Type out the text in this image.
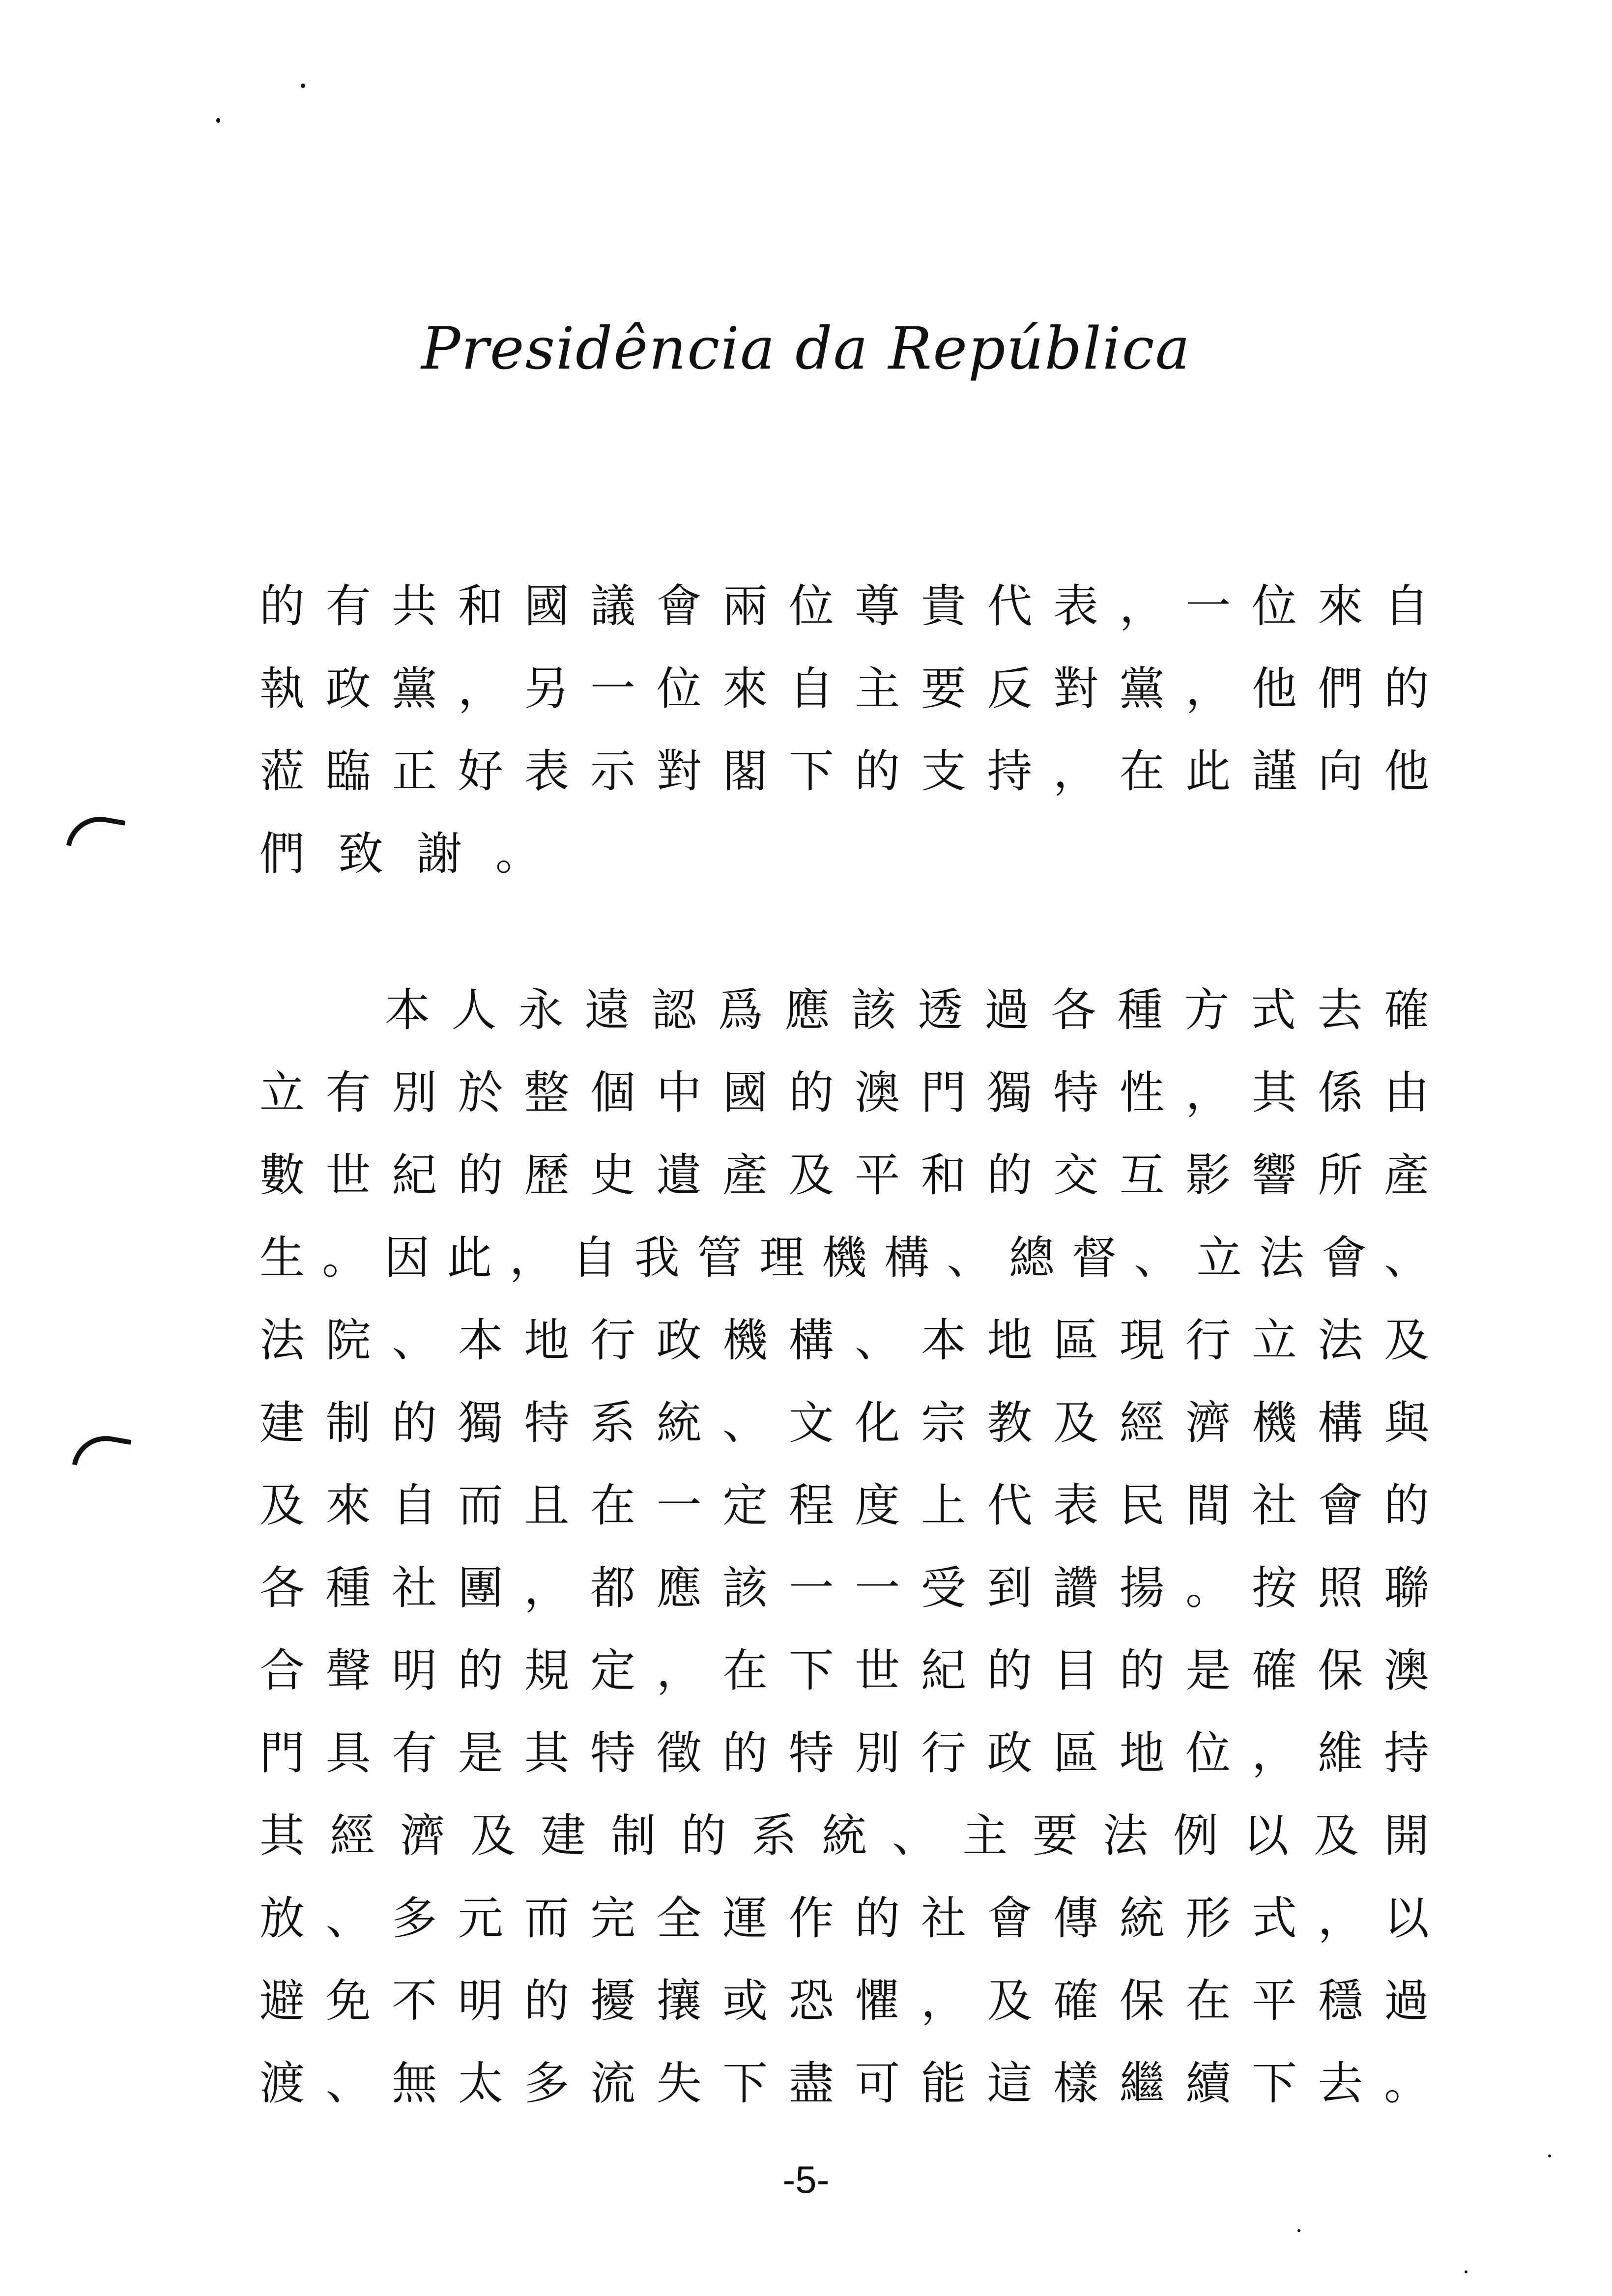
Presidência da República
的 有 共 和 國 議 會 兩 位 尊 貴 代 表 ， 一 位 來 自
執 政 黨 ， 另 一 位 來 自 主 要 反 對 黨 ， 他 們 的
蒞 臨 正 好 表 示 對 閣 下 的 支 持 ， 在 此 謹 向 他
們致謝。
本 人 永 遠 認 爲 應 該 透 過 各 種 方 式 去 確
立 有 別 於 整 個 中 國 的 澳 門 獨 特 性 ， 其 係 由
數 世 紀 的 歷 史 遺 產 及 平 和 的 交 互 影 響 所 產
生 。 因 此 ， 自 我 管 理 機 構 、 總 督 、 立 法 會 、
法 院 、 本 地 行 政 機 構 、 本 地 區 現 行 立 法 及
建 制 的 獨 特 系 統 、 文 化 宗 教 及 經 濟 機 構 與
及 來 自 而 且 在 一 定 程 度 上 代 表 民 間 社 會 的
各 種 社 團 ， 都 應 該 一 一 受 到 讚 揚 。 按 照 聯
合 聲 明 的 規 定 ， 在 下 世 紀 的 目 的 是 確 保 澳
門 具 有 是 其 特 徵 的 特 別 行 政 區 地 位 ， 維 持
其 經 濟 及 建 制 的 系 統 、 主 要 法 例 以 及 開
放 、 多 元 而 完 全 運 作 的 社 會 傳 統 形 式 ， 以
避 免 不 明 的 擾 攘 或 恐 懼 ， 及 確 保 在 平 穩 過
渡 、 無 太 多 流 失 下 盡 可 能 這 樣 繼 續 下 去 。
-5-
